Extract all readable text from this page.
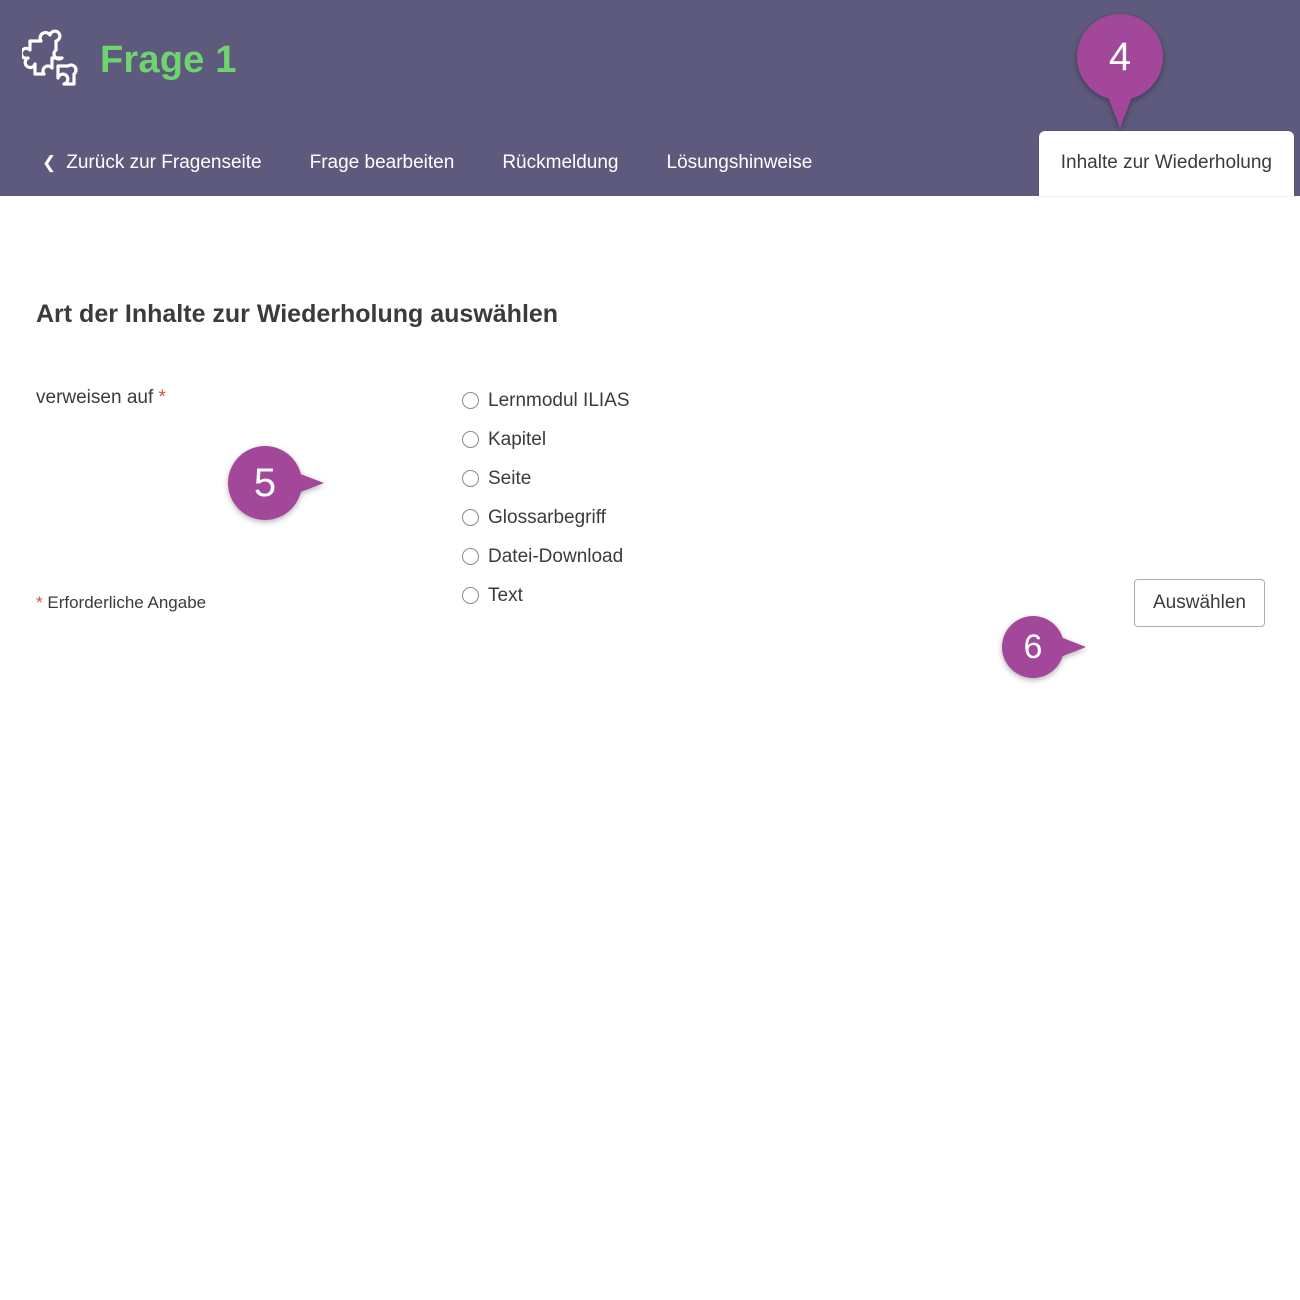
Frage 1
❮ Zurück zur Fragenseite	Frage bearbeiten	Rückmeldung	Lösungshinweise	Inhalte zur Wiederholung
Art der Inhalte zur Wiederholung auswählen
verweisen auf *	Lernmodul ILIAS
Kapitel
Seite
Glossarbegriff
Datei-Download
Text
* Erforderliche Angabe	Auswählen
4
5
6
